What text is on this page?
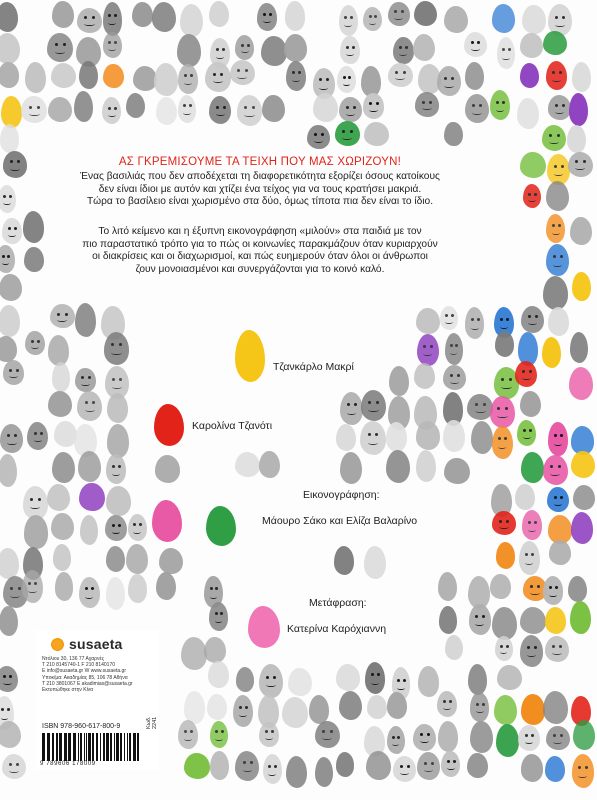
ΑΣ ΓΚΡΕΜΙΣΟΥΜΕ ΤΑ ΤΕΙΧΗ ΠΟΥ ΜΑΣ ΧΩΡΙΖΟΥΝ!
Ένας βασιλιάς που δεν αποδέχεται τη διαφορετικότητα εξορίζει όσους κατοίκους
δεν είναι ίδιοι με αυτόν και χτίζει ένα τείχος για να τους κρατήσει μακριά.
Τώρα το βασίλειο είναι χωρισμένο στα δύο, όμως τίποτα πια δεν είναι το ίδιο.
Το λιτό κείμενο και η έξυπνη εικονογράφηση «μιλούν» στα παιδιά με τον
πιο παραστατικό τρόπο για το πώς οι κοινωνίες παρακμάζουν όταν κυριαρχούν
οι διακρίσεις και οι διαχωρισμοί, και πώς ευημερούν όταν όλοι οι άνθρωποι
ζουν μονοιασμένοι και συνεργάζονται για το κοινό καλό.
Τζανκάρλο Μακρί
Καρολίνα Τζανότι
Εικονογράφηση:
Μάουρο Σάκο και Ελίζα Βαλαρίνο
Μετάφραση:
Κατερίνα Καρόχιαννη
susaeta
Ντόλιου 30, 136 77 Αχαρνές
T 210 8145740-1 F 210 8140170
E info@susaeta.gr W www.susaeta.gr
Υποκ/μα: Ακαδημίας 85, 106 78 Αθήνα
T 210 3801067 E akadimias@susaeta.gr
Εκτυπώθηκε στην Κίνα
ISBN 978-960-617-800-9
9 789606 178009
Κωδ. 2241
